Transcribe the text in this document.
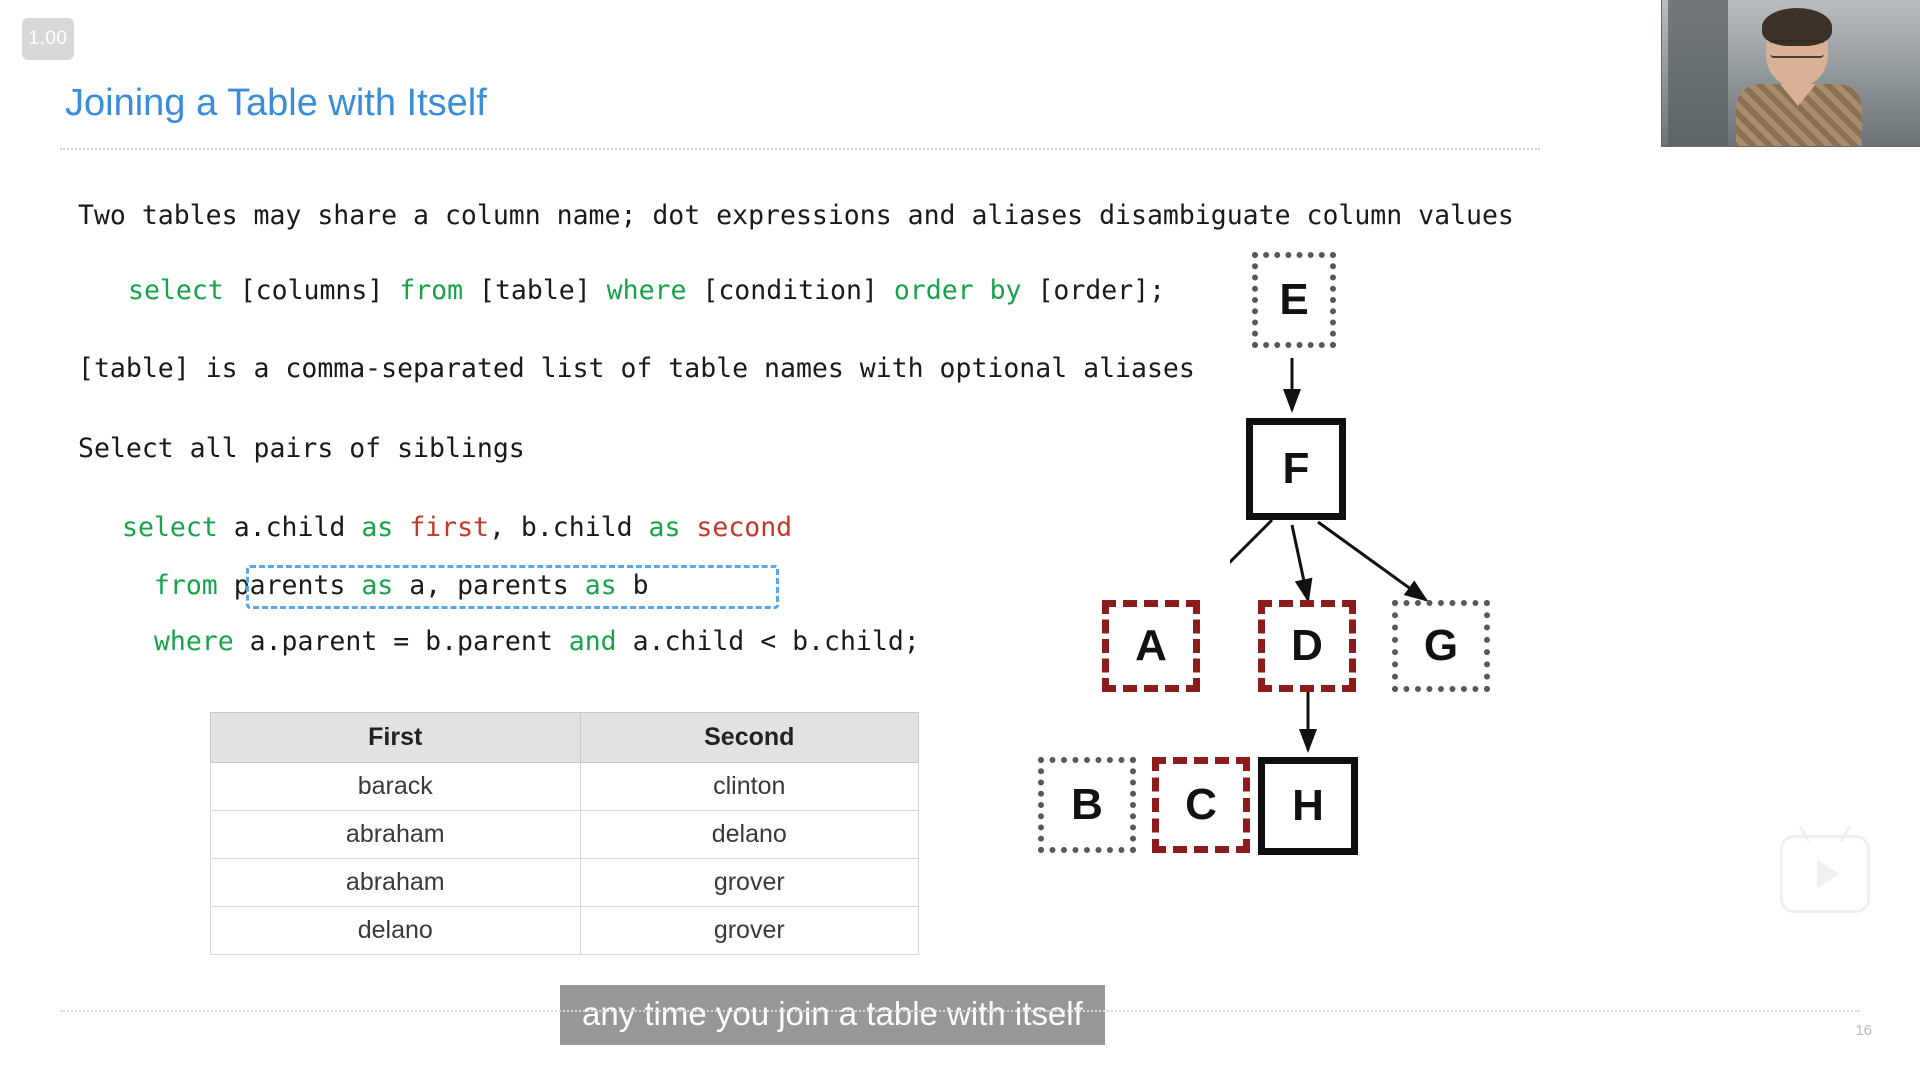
1.00
Joining a Table with Itself
Two tables may share a column name; dot expressions and aliases disambiguate column values
select [columns] from [table] where [condition] order by [order];
[table] is a comma-separated list of table names with optional aliases
Select all pairs of siblings
select a.child as first, b.child as second
from parents as a, parents as b
where a.parent = b.parent and a.child < b.child;
First	Second
barack	clinton
abraham	delano
abraham	grover
delano	grover
E
F
A	D	G
B	C	H
any time you join a table with itself	16
